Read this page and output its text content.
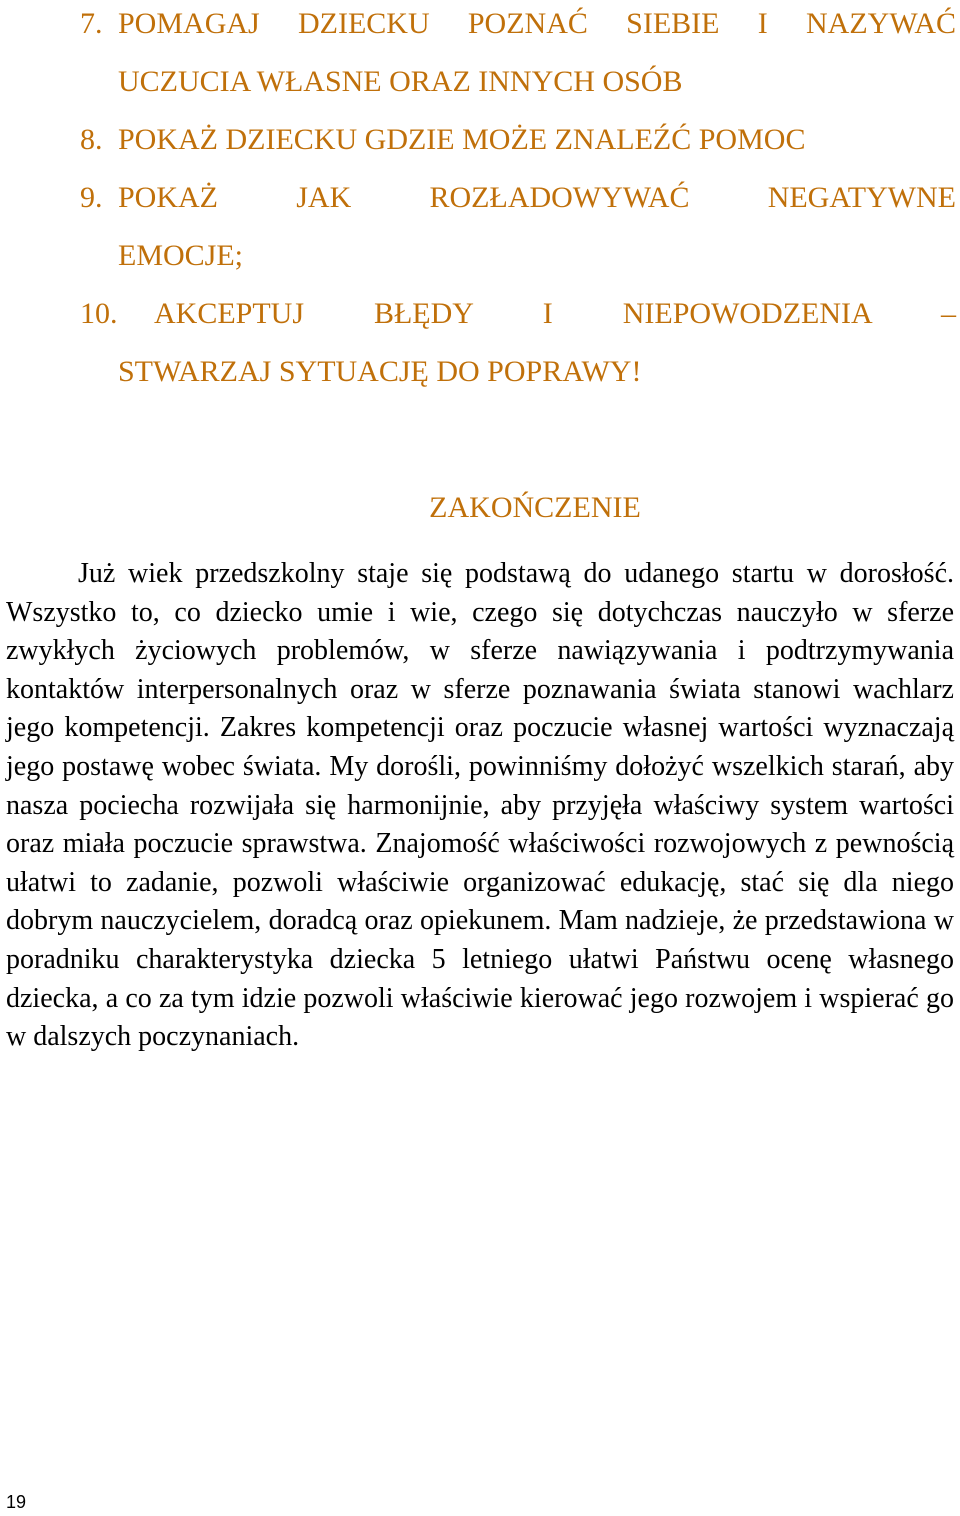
7. POMAGAJ DZIECKU POZNAĆ SIEBIE I NAZYWAĆ
UCZUCIA WŁASNE ORAZ INNYCH OSÓB
8. POKAŻ DZIECKU GDZIE MOŻE ZNALEŹĆ POMOC
9. POKAŻ JAK ROZŁADOWYWAĆ NEGATYWNE
EMOCJE;
10.	AKCEPTUJ BŁĘDY I NIEPOWODZENIA –
STWARZAJ SYTUACJĘ DO POPRAWY!
ZAKOŃCZENIE
Już wiek przedszkolny staje się podstawą do udanego startu w dorosłość. Wszystko to, co dziecko umie i wie, czego się dotychczas nauczyło w sferze zwykłych życiowych problemów, w sferze nawiązywania i podtrzymywania kontaktów interpersonalnych oraz w sferze poznawania świata stanowi wachlarz jego kompetencji. Zakres kompetencji oraz poczucie własnej wartości wyznaczają jego postawę wobec świata. My dorośli, powinniśmy dołożyć wszelkich starań, aby nasza pociecha rozwijała się harmonijnie, aby przyjęła właściwy system wartości oraz miała poczucie sprawstwa. Znajomość właściwości rozwojowych z pewnością ułatwi to zadanie, pozwoli właściwie organizować edukację, stać się dla niego dobrym nauczycielem, doradcą oraz opiekunem. Mam nadzieje, że przedstawiona w poradniku charakterystyka dziecka 5 letniego ułatwi Państwu ocenę własnego dziecka, a co za tym idzie pozwoli właściwie kierować jego rozwojem i wspierać go w dalszych poczynaniach.
19
